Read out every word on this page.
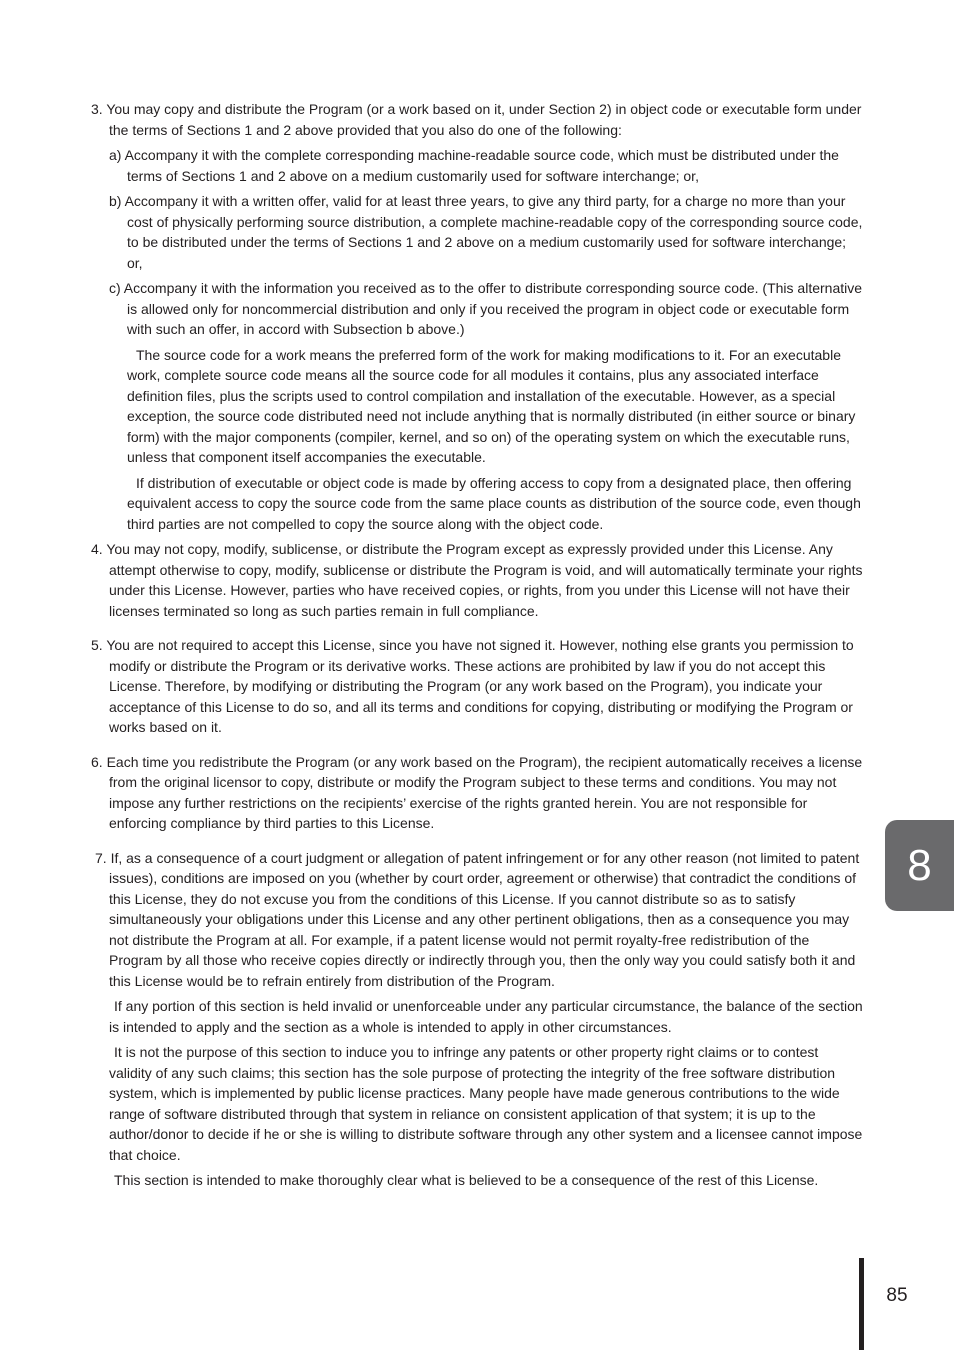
3. You may copy and distribute the Program (or a work based on it, under Section 2) in object code or executable form under the terms of Sections 1 and 2 above provided that you also do one of the following:

a) Accompany it with the complete corresponding machine-readable source code, which must be distributed under the terms of Sections 1 and 2 above on a medium customarily used for software interchange; or,

b) Accompany it with a written offer, valid for at least three years, to give any third party, for a charge no more than your cost of physically performing source distribution, a complete machine-readable copy of the corresponding source code, to be distributed under the terms of Sections 1 and 2 above on a medium customarily used for software interchange; or,

c) Accompany it with the information you received as to the offer to distribute corresponding source code. (This alternative is allowed only for noncommercial distribution and only if you received the program in object code or executable form with such an offer, in accord with Subsection b above.)

The source code for a work means the preferred form of the work for making modifications to it. For an executable work, complete source code means all the source code for all modules it contains, plus any associated interface definition files, plus the scripts used to control compilation and installation of the executable. However, as a special exception, the source code distributed need not include anything that is normally distributed (in either source or binary form) with the major components (compiler, kernel, and so on) of the operating system on which the executable runs, unless that component itself accompanies the executable.

If distribution of executable or object code is made by offering access to copy from a designated place, then offering equivalent access to copy the source code from the same place counts as distribution of the source code, even though third parties are not compelled to copy the source along with the object code.

4. You may not copy, modify, sublicense, or distribute the Program except as expressly provided under this License. Any attempt otherwise to copy, modify, sublicense or distribute the Program is void, and will automatically terminate your rights under this License. However, parties who have received copies, or rights, from you under this License will not have their licenses terminated so long as such parties remain in full compliance.

5. You are not required to accept this License, since you have not signed it. However, nothing else grants you permission to modify or distribute the Program or its derivative works. These actions are prohibited by law if you do not accept this License. Therefore, by modifying or distributing the Program (or any work based on the Program), you indicate your acceptance of this License to do so, and all its terms and conditions for copying, distributing or modifying the Program or works based on it.

6. Each time you redistribute the Program (or any work based on the Program), the recipient automatically receives a license from the original licensor to copy, distribute or modify the Program subject to these terms and conditions. You may not impose any further restrictions on the recipients’ exercise of the rights granted herein. You are not responsible for enforcing compliance by third parties to this License.

7. If, as a consequence of a court judgment or allegation of patent infringement or for any other reason (not limited to patent issues), conditions are imposed on you (whether by court order, agreement or otherwise) that contradict the conditions of this License, they do not excuse you from the conditions of this License. If you cannot distribute so as to satisfy simultaneously your obligations under this License and any other pertinent obligations, then as a consequence you may not distribute the Program at all. For example, if a patent license would not permit royalty-free redistribution of the Program by all those who receive copies directly or indirectly through you, then the only way you could satisfy both it and this License would be to refrain entirely from distribution of the Program.

If any portion of this section is held invalid or unenforceable under any particular circumstance, the balance of the section is intended to apply and the section as a whole is intended to apply in other circumstances.

It is not the purpose of this section to induce you to infringe any patents or other property right claims or to contest validity of any such claims; this section has the sole purpose of protecting the integrity of the free software distribution system, which is implemented by public license practices. Many people have made generous contributions to the wide range of software distributed through that system in reliance on consistent application of that system; it is up to the author/donor to decide if he or she is willing to distribute software through any other system and a licensee cannot impose that choice.

This section is intended to make thoroughly clear what is believed to be a consequence of the rest of this License.

8
85
